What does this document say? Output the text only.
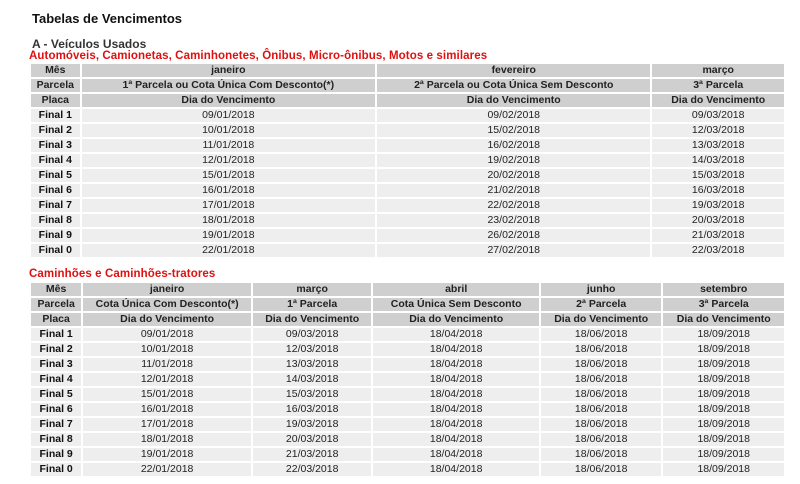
Tabelas de Vencimentos
A - Veículos Usados
Automóveis, Camionetas, Caminhonetes, Ônibus, Micro-ônibus, Motos e similares
Mês	janeiro	fevereiro	março
Parcela	1ª Parcela ou Cota Única Com Desconto(*)	2ª Parcela ou Cota Única Sem Desconto	3ª Parcela
Placa	Dia do Vencimento	Dia do Vencimento	Dia do Vencimento
Final 1	09/01/2018	09/02/2018	09/03/2018
Final 2	10/01/2018	15/02/2018	12/03/2018
Final 3	11/01/2018	16/02/2018	13/03/2018
Final 4	12/01/2018	19/02/2018	14/03/2018
Final 5	15/01/2018	20/02/2018	15/03/2018
Final 6	16/01/2018	21/02/2018	16/03/2018
Final 7	17/01/2018	22/02/2018	19/03/2018
Final 8	18/01/2018	23/02/2018	20/03/2018
Final 9	19/01/2018	26/02/2018	21/03/2018
Final 0	22/01/2018	27/02/2018	22/03/2018
Caminhões e Caminhões-tratores
Mês	janeiro	março	abril	junho	setembro
Parcela	Cota Única Com Desconto(*)	1ª Parcela	Cota Única Sem Desconto	2ª Parcela	3ª Parcela
Placa	Dia do Vencimento	Dia do Vencimento	Dia do Vencimento	Dia do Vencimento	Dia do Vencimento
Final 1	09/01/2018	09/03/2018	18/04/2018	18/06/2018	18/09/2018
Final 2	10/01/2018	12/03/2018	18/04/2018	18/06/2018	18/09/2018
Final 3	11/01/2018	13/03/2018	18/04/2018	18/06/2018	18/09/2018
Final 4	12/01/2018	14/03/2018	18/04/2018	18/06/2018	18/09/2018
Final 5	15/01/2018	15/03/2018	18/04/2018	18/06/2018	18/09/2018
Final 6	16/01/2018	16/03/2018	18/04/2018	18/06/2018	18/09/2018
Final 7	17/01/2018	19/03/2018	18/04/2018	18/06/2018	18/09/2018
Final 8	18/01/2018	20/03/2018	18/04/2018	18/06/2018	18/09/2018
Final 9	19/01/2018	21/03/2018	18/04/2018	18/06/2018	18/09/2018
Final 0	22/01/2018	22/03/2018	18/04/2018	18/06/2018	18/09/2018
